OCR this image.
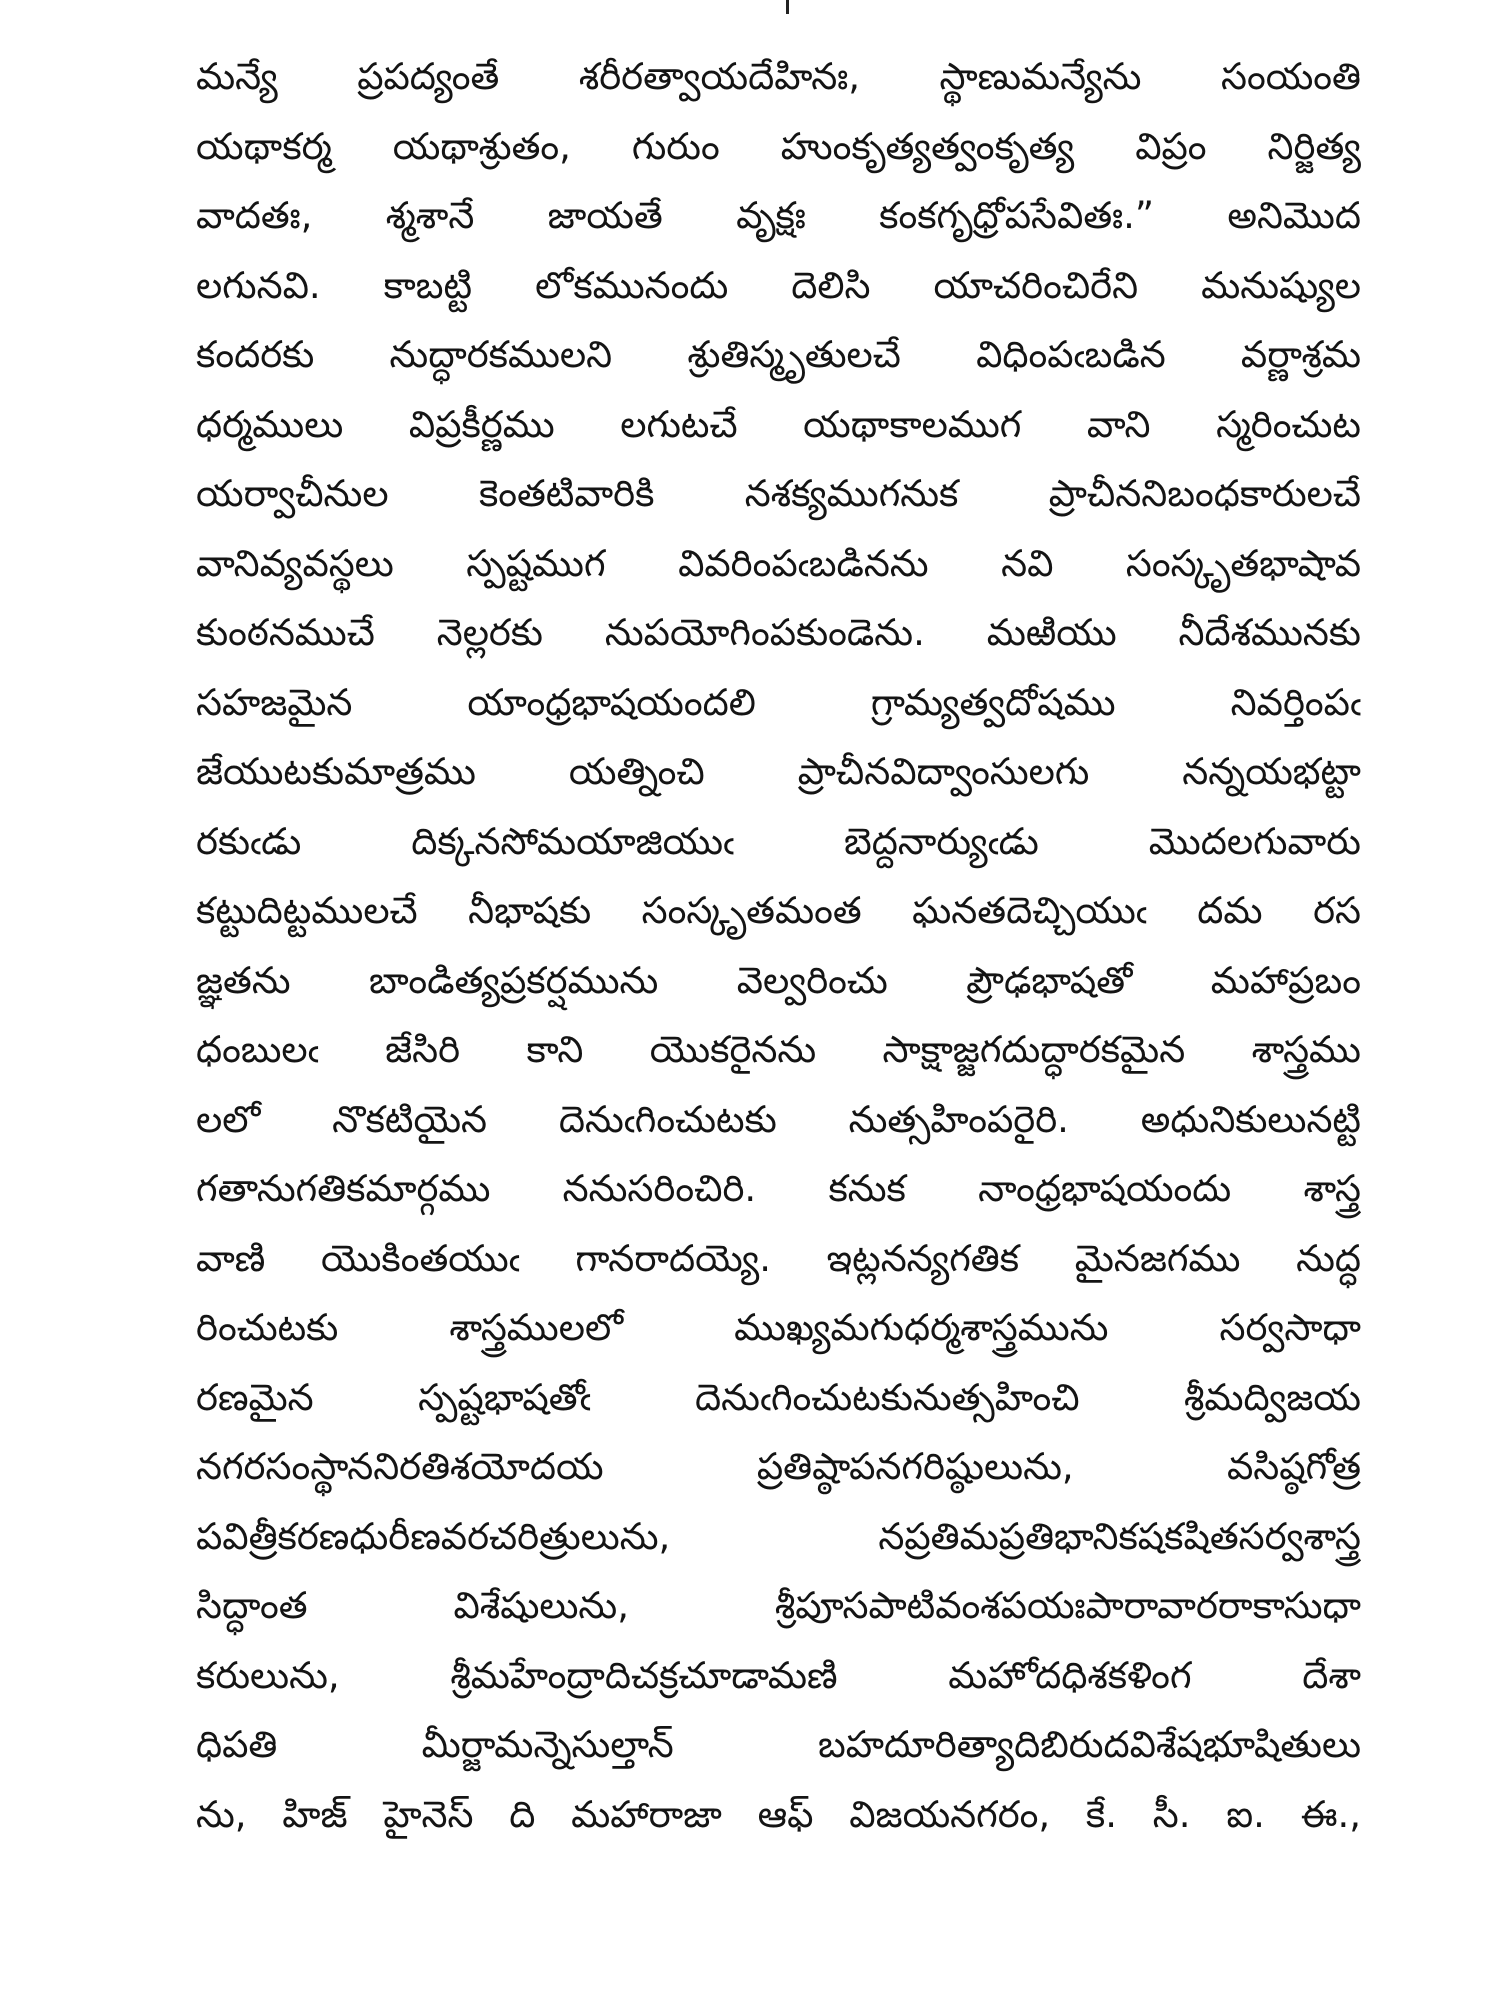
మన్యే ప్రపద్యంతే శరీరత్వాయదేహినః, స్థాణుమన్యేను సంయంతి
యథాకర్మ యథాశ్రుతం, గురుం హుంకృత్యత్వంకృత్య విప్రం నిర్జిత్య
వాదతః, శ్మశానే జాయతే వృక్షః కంకగృధ్రోపసేవితః.” అనిమొద
లగునవి. కాబట్టి లోకమునందు దెలిసి యాచరించిరేని మనుష్యుల
కందరకు నుద్ధారకములని శ్రుతిస్మృతులచే విధింపఁబడిన వర్ణాశ్రమ
ధర్మములు విప్రకీర్ణము లగుటచే యథాకాలముగ వాని స్మరించుట
యర్వాచీనుల కెంతటివారికి నశక్యముగనుక ప్రాచీననిబంధకారులచే
వానివ్యవస్థలు స్పష్టముగ వివరింపఁబడినను నవి సంస్కృతభాషావ
కుంఠనముచే నెల్లరకు నుపయోగింపకుండెను. మఱియు నీదేశమునకు
సహజమైన యాంధ్రభాషయందలి గ్రామ్యత్వదోషము నివర్తింపఁ
జేయుటకుమాత్రము యత్నించి ప్రాచీనవిద్వాంసులగు నన్నయభట్టా
రకుఁడు దిక్కనసోమయాజియుఁ బెద్దనార్యుఁడు మొదలగువారు
కట్టుదిట్టములచే నీభాషకు సంస్కృతమంత ఘనతదెచ్చియుఁ దమ రస
జ్ఞతను బాండిత్యప్రకర్షమును వెల్వరించు ప్రౌఢభాషతో మహాప్రబం
ధంబులఁ జేసిరి కాని యొకరైనను సాక్షాజ్జగదుద్ధారకమైన శాస్త్రము
లలో నొకటియైన దెనుఁగించుటకు నుత్సహింపరైరి. అధునికులునట్టి
గతానుగతికమార్గము ననుసరించిరి. కనుక నాంధ్రభాషయందు శాస్త్ర
వాణి యొకింతయుఁ గానరాదయ్యె. ఇట్లనన్యగతిక మైనజగము నుద్ధ
రించుటకు శాస్త్రములలో ముఖ్యమగుధర్మశాస్త్రమును సర్వసాధా
రణమైన స్పష్టభాషతోఁ దెనుఁగించుటకునుత్సహించి శ్రీమద్విజయ
నగరసంస్థాననిరతిశయోదయ ప్రతిష్ఠాపనగరిష్ఠులును, వసిష్ఠగోత్ర
పవిత్రీకరణధురీణవరచరిత్రులును, నప్రతిమప్రతిభానికషకషితసర్వశాస్త్ర
సిద్ధాంత విశేషులును, శ్రీపూసపాటివంశపయఃపారావారరాకాసుధా
కరులును, శ్రీమహేంద్రాదిచక్రచూడామణి మహోదధిశకళింగ దేశా
ధిపతి మీర్జామన్నెసుల్తాన్ బహదూరిత్యాదిబిరుదవిశేషభూషితులు
ను, హిజ్ హైనెస్ ది మహారాజా ఆఫ్ విజయనగరం, కే. సీ. ఐ. ఈ.,
